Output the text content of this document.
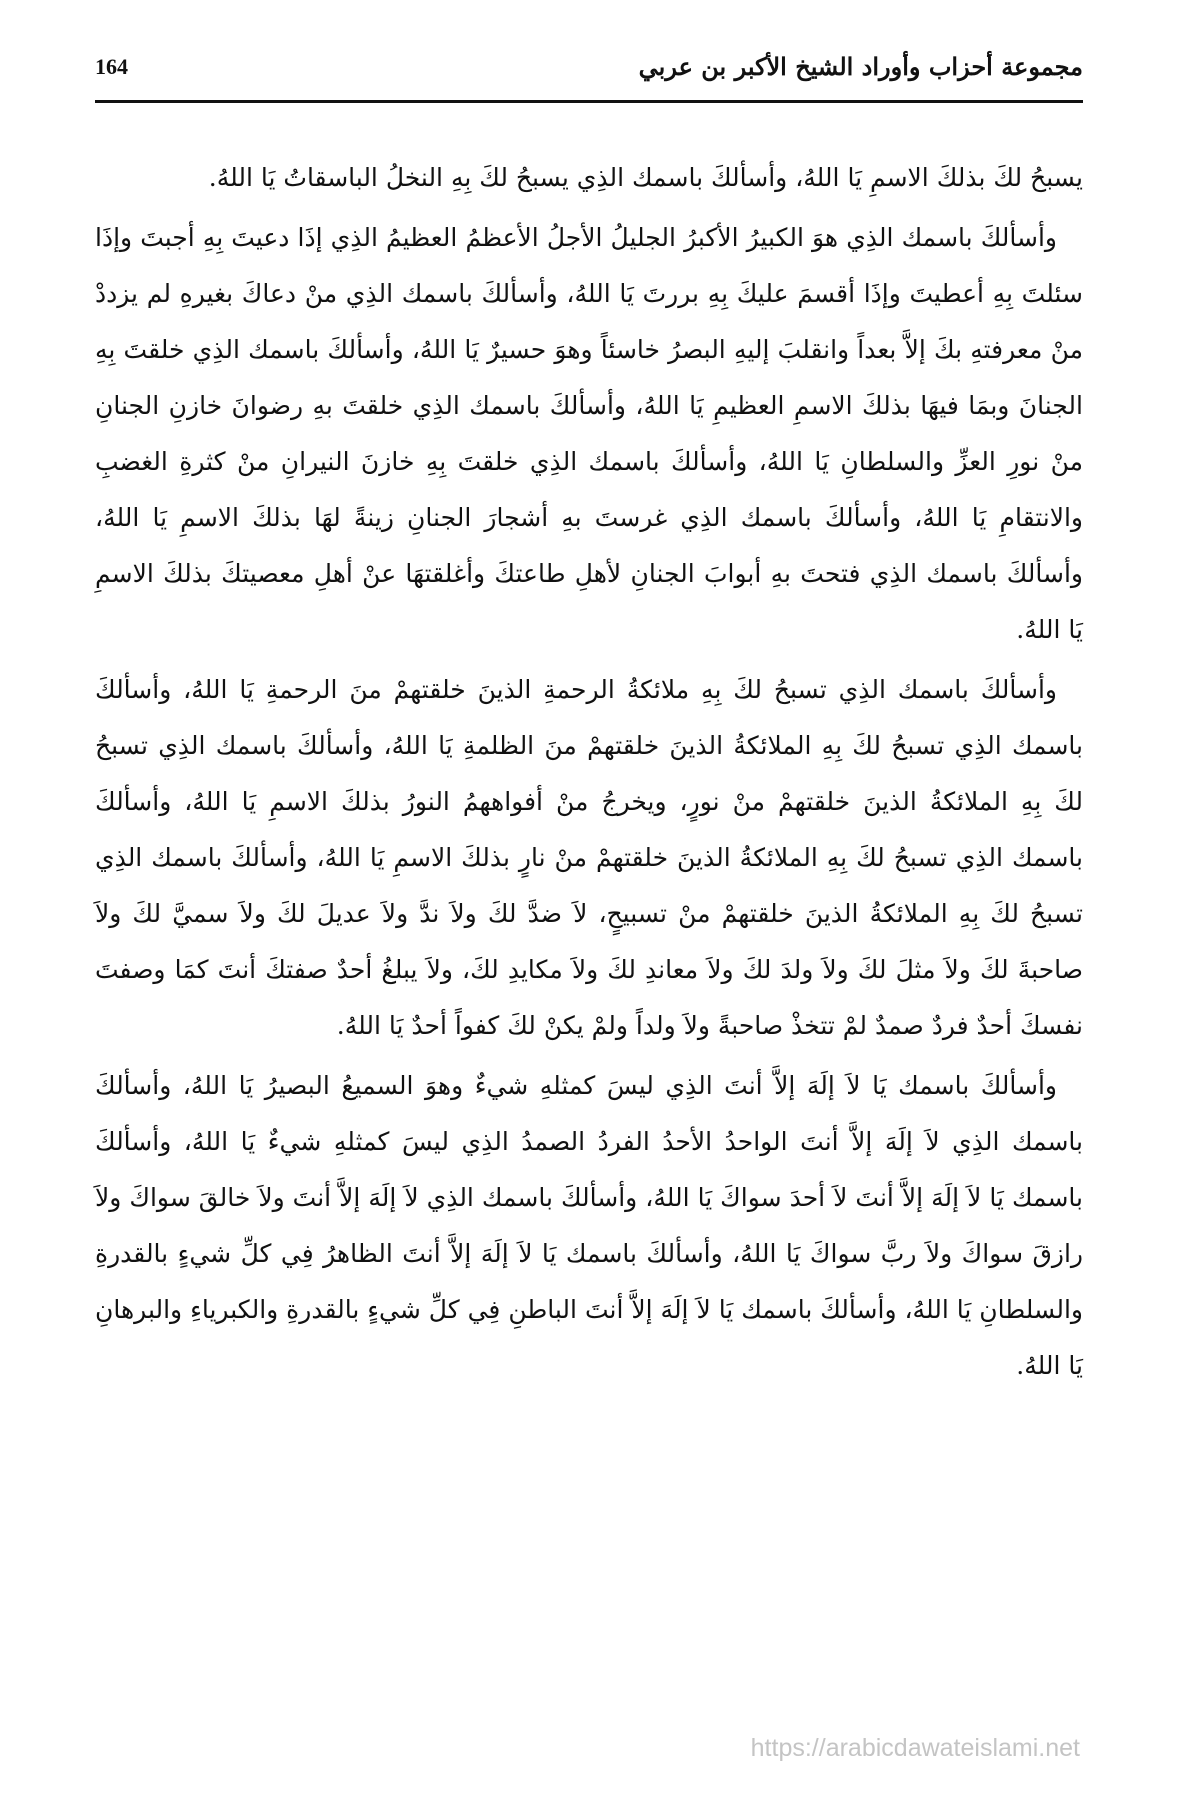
مجموعة أحزاب وأوراد الشيخ الأكبر بن عربي
164

يسبحُ لكَ بذلكَ الاسمِ يَا اللهُ، وأسألكَ باسمك الذِي يسبحُ لكَ بِهِ النخلُ الباسقاتُ يَا اللهُ.

وأسألكَ باسمك الذِي هوَ الكبيرُ الأكبرُ الجليلُ الأجلُ الأعظمُ العظيمُ الذِي إذَا دعيتَ بِهِ أجبتَ وإذَا سئلتَ بِهِ أعطيتَ وإذَا أقسمَ عليكَ بِهِ بررتَ يَا اللهُ، وأسألكَ باسمك الذِي منْ دعاكَ بغيرهِ لم يزددْ منْ معرفتهِ بكَ إلاَّ بعداً وانقلبَ إليهِ البصرُ خاسئاً وهوَ حسيرٌ يَا اللهُ، وأسألكَ باسمك الذِي خلقتَ بِهِ الجنانَ وبمَا فيهَا بذلكَ الاسمِ العظيمِ يَا اللهُ، وأسألكَ باسمك الذِي خلقتَ بهِ رضوانَ خازنِ الجنانِ منْ نورِ العزِّ والسلطانِ يَا اللهُ، وأسألكَ باسمك الذِي خلقتَ بِهِ خازنَ النيرانِ منْ كثرةِ الغضبِ والانتقامِ يَا اللهُ، وأسألكَ باسمك الذِي غرستَ بهِ أشجارَ الجنانِ زينةً لهَا بذلكَ الاسمِ يَا اللهُ، وأسألكَ باسمك الذِي فتحتَ بهِ أبوابَ الجنانِ لأهلِ طاعتكَ وأغلقتهَا عنْ أهلِ معصيتكَ بذلكَ الاسمِ يَا اللهُ.

وأسألكَ باسمك الذِي تسبحُ لكَ بِهِ ملائكةُ الرحمةِ الذينَ خلقتهمْ منَ الرحمةِ يَا اللهُ، وأسألكَ باسمك الذِي تسبحُ لكَ بِهِ الملائكةُ الذينَ خلقتهمْ منَ الظلمةِ يَا اللهُ، وأسألكَ باسمك الذِي تسبحُ لكَ بِهِ الملائكةُ الذينَ خلقتهمْ منْ نورٍ، ويخرجُ منْ أفواههمُ النورُ بذلكَ الاسمِ يَا اللهُ، وأسألكَ باسمك الذِي تسبحُ لكَ بِهِ الملائكةُ الذينَ خلقتهمْ منْ نارٍ بذلكَ الاسمِ يَا اللهُ، وأسألكَ باسمك الذِي تسبحُ لكَ بِهِ الملائكةُ الذينَ خلقتهمْ منْ تسبيحٍ، لاَ ضدَّ لكَ ولاَ ندَّ ولاَ عديلَ لكَ ولاَ سميَّ لكَ ولاَ صاحبةَ لكَ ولاَ مثلَ لكَ ولاَ ولدَ لكَ ولاَ معاندِ لكَ ولاَ مكايدِ لكَ، ولاَ يبلغُ أحدٌ صفتكَ أنتَ كمَا وصفتَ نفسكَ أحدٌ فردٌ صمدٌ لمْ تتخذْ صاحبةً ولاَ ولداً ولمْ يكنْ لكَ كفواً أحدٌ يَا اللهُ.

وأسألكَ باسمك يَا لاَ إلَهَ إلاَّ أنتَ الذِي ليسَ كمثلهِ شيءٌ وهوَ السميعُ البصيرُ يَا اللهُ، وأسألكَ باسمك الذِي لاَ إلَهَ إلاَّ أنتَ الواحدُ الأحدُ الفردُ الصمدُ الذِي ليسَ كمثلهِ شيءٌ يَا اللهُ، وأسألكَ باسمك يَا لاَ إلَهَ إلاَّ أنتَ لاَ أحدَ سواكَ يَا اللهُ، وأسألكَ باسمك الذِي لاَ إلَهَ إلاَّ أنتَ ولاَ خالقَ سواكَ ولاَ رازقَ سواكَ ولاَ ربَّ سواكَ يَا اللهُ، وأسألكَ باسمك يَا لاَ إلَهَ إلاَّ أنتَ الظاهرُ فِي كلِّ شيءٍ بالقدرةِ والسلطانِ يَا اللهُ، وأسألكَ باسمك يَا لاَ إلَهَ إلاَّ أنتَ الباطنِ فِي كلِّ شيءٍ بالقدرةِ والكبرياءِ والبرهانِ يَا اللهُ.

https://arabicdawateislami.net
